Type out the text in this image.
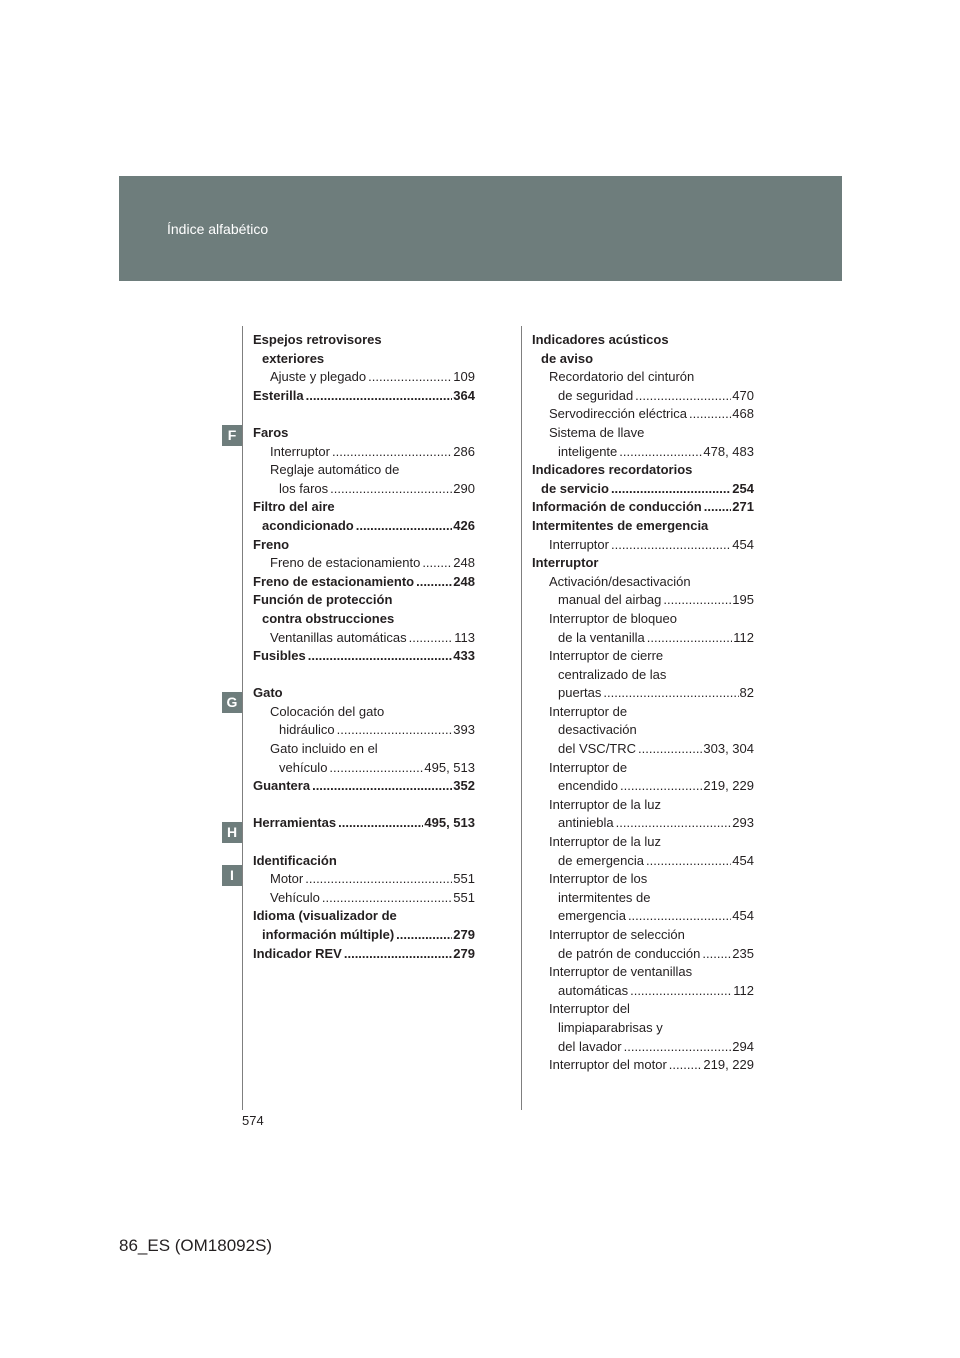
Índice alfabético
F
G
H
I
Espejos retrovisores
exteriores
Ajuste y plegado .....	109
Esterilla .....	364
Faros
Interruptor .....	286
Reglaje automático de
los faros .....	290
Filtro del aire
acondicionado .....	426
Freno
Freno de estacionamiento .....	248
Freno de estacionamiento .....	248
Función de protección
contra obstrucciones
Ventanillas automáticas .....	113
Fusibles .....	433
Gato
Colocación del gato
hidráulico .....	393
Gato incluido en el
vehículo .....	495, 513
Guantera .....	352
Herramientas .....	495, 513
Identificación
Motor .....	551
Vehículo .....	551
Idioma (visualizador de
información múltiple) .....	279
Indicador REV .....	279
Indicadores acústicos
de aviso
Recordatorio del cinturón
de seguridad .....	470
Servodirección eléctrica .....	468
Sistema de llave
inteligente .....	478, 483
Indicadores recordatorios
de servicio .....	254
Información de conducción ..... 271
Intermitentes de emergencia
Interruptor .....	454
Interruptor
Activación/desactivación
manual del airbag .....	195
Interruptor de bloqueo
de la ventanilla .....	112
Interruptor de cierre
centralizado de las
puertas .....	82
Interruptor de
desactivación
del VSC/TRC .....	303, 304
Interruptor de
encendido .....	219, 229
Interruptor de la luz
antiniebla .....	293
Interruptor de la luz
de emergencia .....	454
Interruptor de los
intermitentes de
emergencia .....	454
Interruptor de selección
de patrón de conducción ..... 235
Interruptor de ventanillas
automáticas .....	112
Interruptor del
limpiaparabrisas y
del lavador .....	294
Interruptor del motor .....	219, 229
574
86_ES (OM18092S)
